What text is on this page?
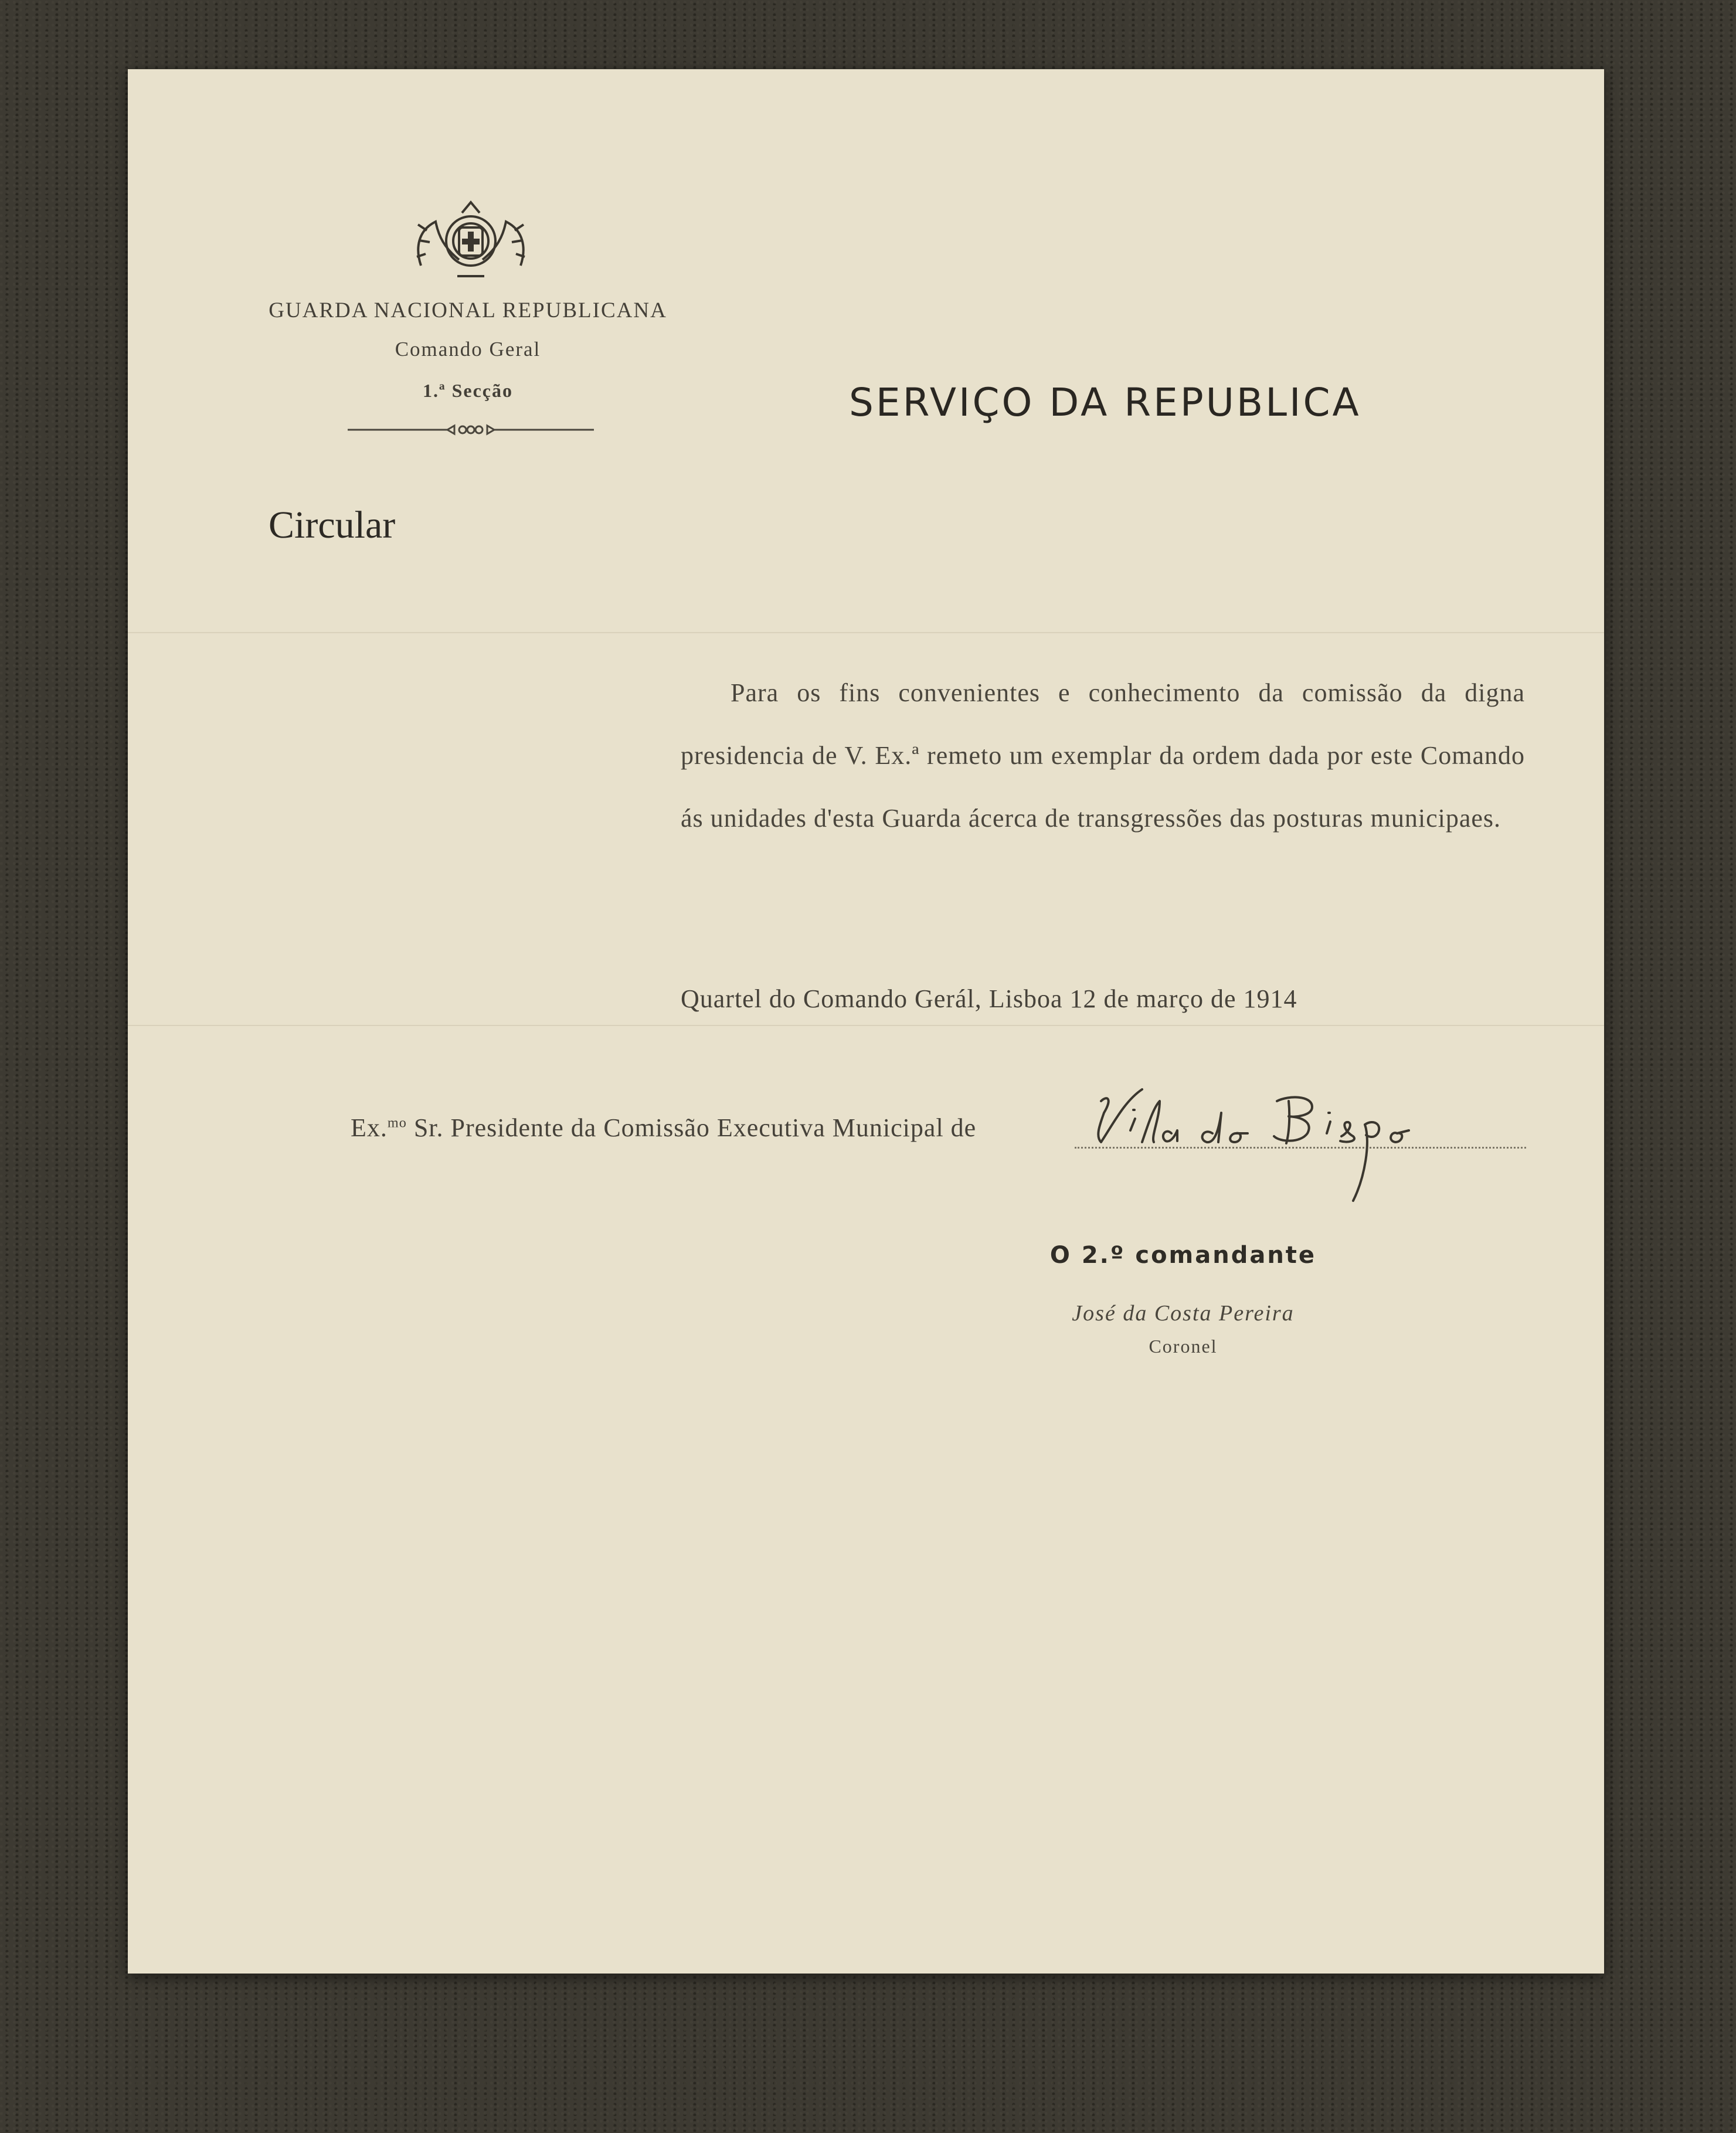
GUARDA NACIONAL REPUBLICANA
Comando Geral
1.ª Secção	SERVIÇO DA REPUBLICA
Circular
Para os fins convenientes e conhecimento da comissão da digna presidencia de V. Ex.ª remeto um exemplar da ordem dada por este Comando ás unidades d'esta Guarda ácerca de transgressões das posturas municipaes.
Quartel do Comando Gerál, Lisboa 12 de março de 1914
Ex.$^{mo}$ Sr. Presidente da Comissão Executiva Municipal de
O 2.º comandante
José da Costa Pereira
Coronel
